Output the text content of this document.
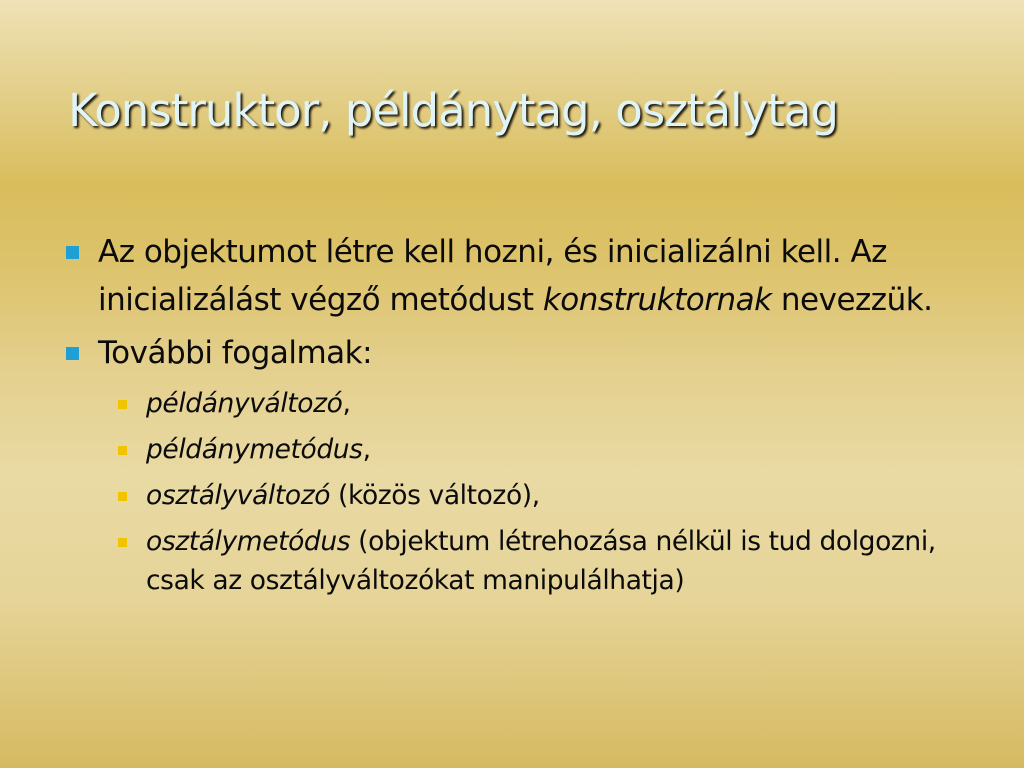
Konstruktor, példánytag, osztálytag
Az objektumot létre kell hozni, és inicializálni kell. Az inicializálást végző metódust konstruktornak nevezzük.
További fogalmak:
példányváltozó,
példánymetódus,
osztályváltozó (közös változó),
osztálymetódus (objektum létrehozása nélkül is tud dolgozni, csak az osztályváltozókat manipulálhatja)
